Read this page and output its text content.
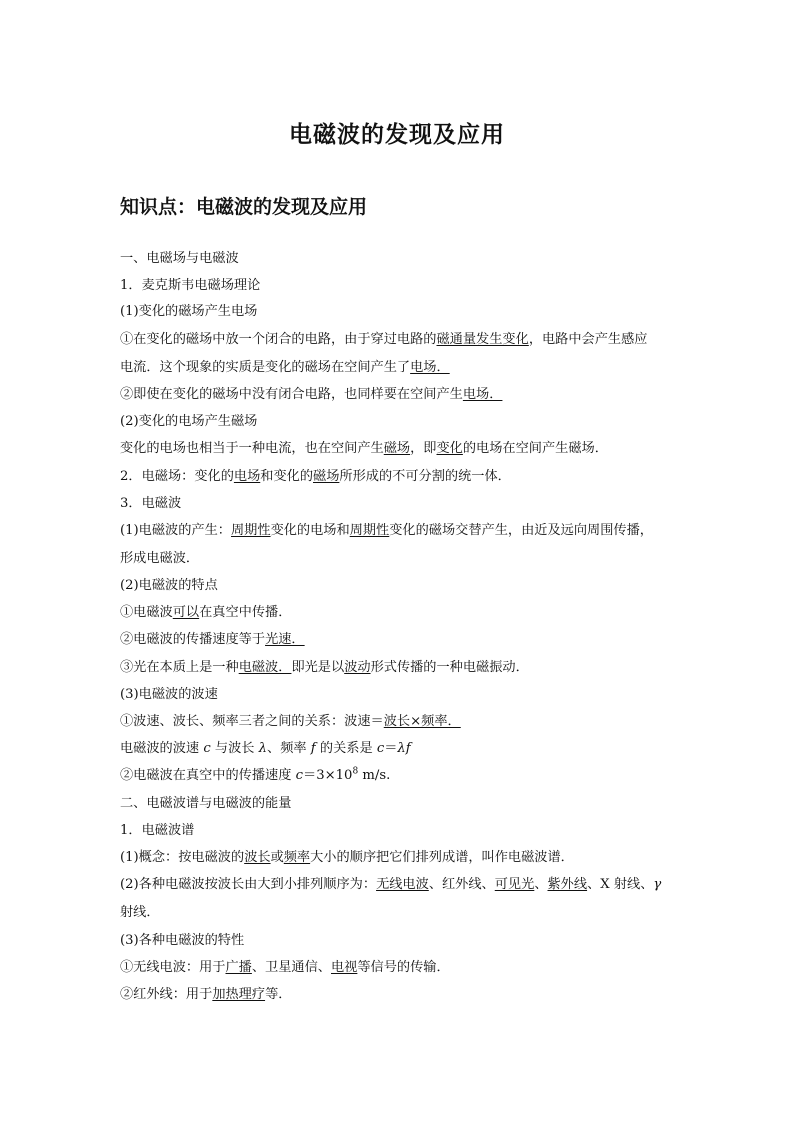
电磁波的发现及应用
知识点：电磁波的发现及应用
一、电磁场与电磁波
1．麦克斯韦电磁场理论
(1)变化的磁场产生电场
①在变化的磁场中放一个闭合的电路，由于穿过电路的磁通量发生变化，电路中会产生感应
电流．这个现象的实质是变化的磁场在空间产生了电场．
②即使在变化的磁场中没有闭合电路，也同样要在空间产生电场．
(2)变化的电场产生磁场
变化的电场也相当于一种电流，也在空间产生磁场，即变化的电场在空间产生磁场．
2．电磁场：变化的电场和变化的磁场所形成的不可分割的统一体．
3．电磁波
(1)电磁波的产生：周期性变化的电场和周期性变化的磁场交替产生，由近及远向周围传播，
形成电磁波．
(2)电磁波的特点
①电磁波可以在真空中传播．
②电磁波的传播速度等于光速．
③光在本质上是一种电磁波．即光是以波动形式传播的一种电磁振动．
(3)电磁波的波速
①波速、波长、频率三者之间的关系：波速＝波长×频率．
电磁波的波速 c 与波长 λ、频率 f 的关系是 c＝λf
②电磁波在真空中的传播速度 $c=3\times 10^8$ m/s.
二、电磁波谱与电磁波的能量
1．电磁波谱
(1)概念：按电磁波的波长或频率大小的顺序把它们排列成谱，叫作电磁波谱．
(2)各种电磁波按波长由大到小排列顺序为：无线电波、红外线、可见光、紫外线、X 射线、γ
射线．
(3)各种电磁波的特性
①无线电波：用于广播、卫星通信、电视等信号的传输．
②红外线：用于加热理疗等．
